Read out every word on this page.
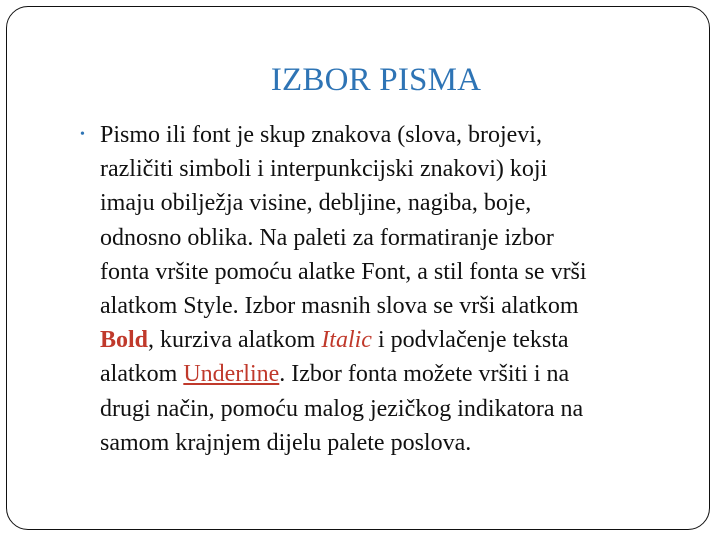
IZBOR PISMA
• Pismo ili font je skup znakova (slova, brojevi,
različiti simboli i interpunkcijski znakovi) koji
imaju obilježja visine, debljine, nagiba, boje,
odnosno oblika. Na paleti za formatiranje izbor
fonta vršite pomoću alatke Font, a stil fonta se vrši
alatkom Style. Izbor masnih slova se vrši alatkom
Bold, kurziva alatkom Italic i podvlačenje teksta
alatkom Underline. Izbor fonta možete vršiti i na
drugi način, pomoću malog jezičkog indikatora na
samom krajnjem dijelu palete poslova.
